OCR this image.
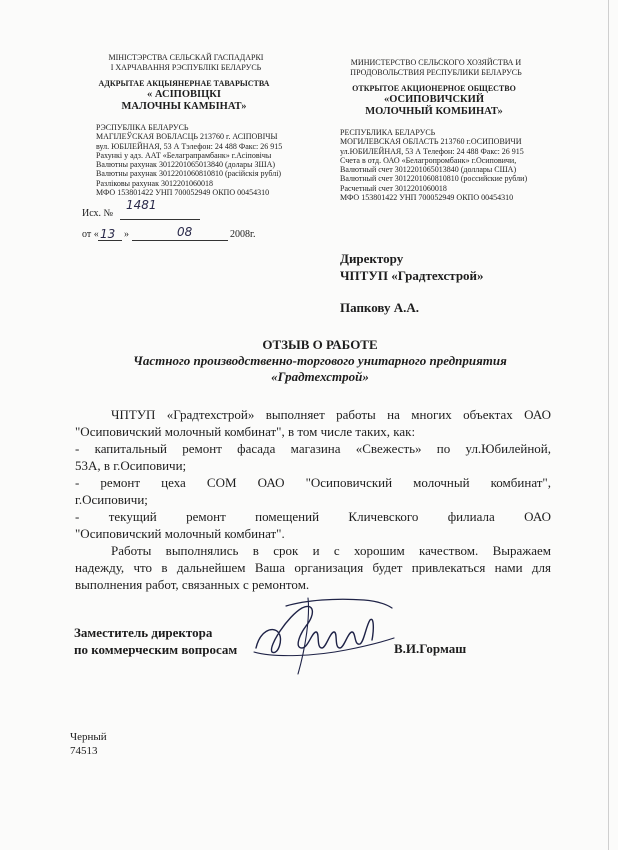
МІНІСТЭРСТВА СЕЛЬСКАЙ ГАСПАДАРКІ
І ХАРЧАВАННЯ РЭСПУБЛІКІ БЕЛАРУСЬ
АДКРЫТАЕ АКЦЫЯНЕРНАЕ ТАВАРЫСТВА
« АСІПОВІЦКІ
МАЛОЧНЫ КАМБІНАТ»
РЭСПУБЛІКА БЕЛАРУСЬ
МАГІЛЕЎСКАЯ ВОБЛАСЦЬ 213760 г. АСІПОВІЧЫ
вул. ЮБІЛЕЙНАЯ, 53 А Тэлефон: 24 488 Факс: 26 915
Рахункі у адз. ААТ «Белаграпрамбанк» г.Асіповічы
Валютны рахунак 3012201065013840 (долары ЗША)
Валютны рахунак 3012201060810810 (расійскія рублі)
Разліковы рахунак 3012201060018
МФО 153801422 УНП 700052949 ОКПО 00454310
МИНИСТЕРСТВО СЕЛЬСКОГО ХОЗЯЙСТВА И
ПРОДОВОЛЬСТВИЯ РЕСПУБЛИКИ БЕЛАРУСЬ
ОТКРЫТОЕ АКЦИОНЕРНОЕ ОБЩЕСТВО
«ОСИПОВИЧСКИЙ
МОЛОЧНЫЙ КОМБИНАТ»
РЕСПУБЛИКА БЕЛАРУСЬ
МОГИЛЕВСКАЯ ОБЛАСТЬ 213760 г.ОСИПОВИЧИ
ул.ЮБИЛЕЙНАЯ, 53 А Телефон: 24 488 Факс: 26 915
Счета в отд. ОАО «Белагропромбанк» г.Осиповичи,
Валютный счет 3012201065013840 (доллары США)
Валютный счет 3012201060810810 (российские рубли)
Расчетный счет 3012201060018
МФО 153801422 УНП 700052949 ОКПО 00454310
Исх. №
1481
от « 13 »	08	2008г.
Директору
ЧПТУП «Градтехстрой»
Папкову А.А.
ОТЗЫВ О РАБОТЕ
Частного производственно-торгового унитарного предприятия
«Градтехстрой»
ЧПТУП «Градтехстрой» выполняет работы на многих объектах ОАО
"Осиповичский молочный комбинат", в том числе таких, как:
- капитальный ремонт фасада магазина «Свежесть» по ул.Юбилейной,
53А, в г.Осиповичи;
- ремонт цеха СОМ ОАО "Осиповичский молочный комбинат",
г.Осиповичи;
- текущий ремонт помещений Кличевского филиала ОАО
"Осиповичский молочный комбинат".
Работы выполнялись в срок и с хорошим качеством. Выражаем
надежду, что в дальнейшем Ваша организация будет привлекаться нами для
выполнения работ, связанных с ремонтом.
Заместитель директора
по коммерческим вопросам	В.И.Гормаш
Черный
74513
